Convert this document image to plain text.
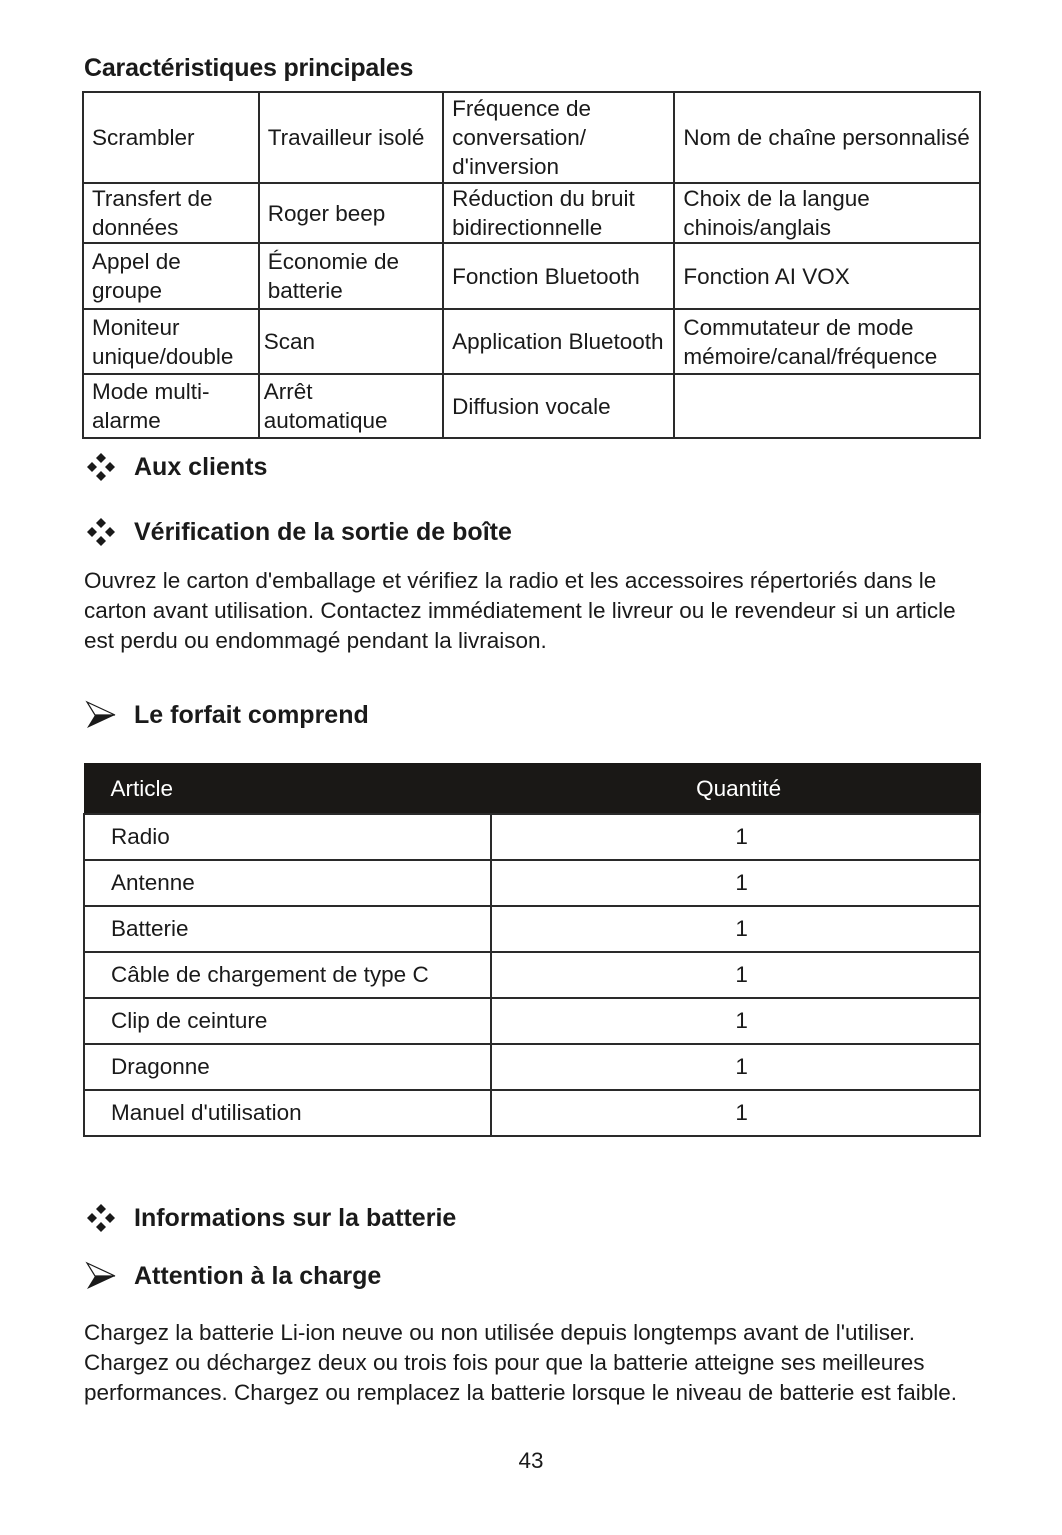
Caractéristiques principales
Scrambler	Travailleur isolé	Fréquence de conversation/ d'inversion	Nom de chaîne personnalisé
Transfert de données	Roger beep	Réduction du bruit bidirectionnelle	Choix de la langue chinois/anglais
Appel de groupe	Économie de batterie	Fonction Bluetooth	Fonction AI VOX
Moniteur unique/double	Scan	Application Bluetooth	Commutateur de mode mémoire/canal/fréquence
Mode multi-alarme	Arrêt automatique	Diffusion vocale	
Aux clients
Vérification de la sortie de boîte
Ouvrez le carton d'emballage et vérifiez la radio et les accessoires répertoriés dans le carton avant utilisation. Contactez immédiatement le livreur ou le revendeur si un article est perdu ou endommagé pendant la livraison.
Le forfait comprend
Article	Quantité
Radio	1
Antenne	1
Batterie	1
Câble de chargement de type C	1
Clip de ceinture	1
Dragonne	1
Manuel d'utilisation	1
Informations sur la batterie
Attention à la charge
Chargez la batterie Li-ion neuve ou non utilisée depuis longtemps avant de l'utiliser. Chargez ou déchargez deux ou trois fois pour que la batterie atteigne ses meilleures performances. Chargez ou remplacez la batterie lorsque le niveau de batterie est faible.
43
